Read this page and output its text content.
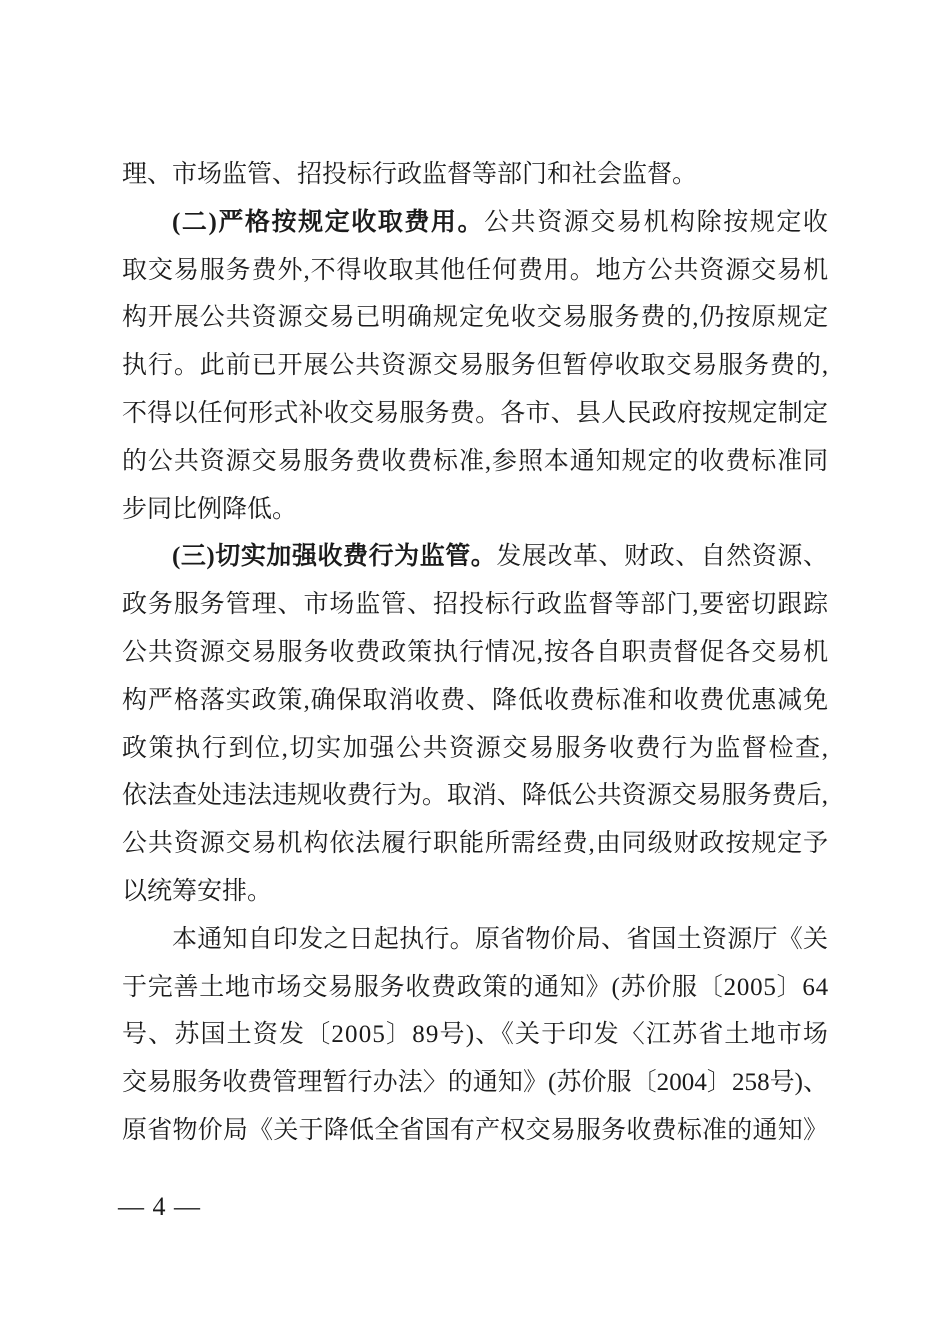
理、市场监管、招投标行政监督等部门和社会监督。
(二)严格按规定收取费用。公共资源交易机构除按规定收
取交易服务费外,不得收取其他任何费用。地方公共资源交易机
构开展公共资源交易已明确规定免收交易服务费的,仍按原规定
执行。此前已开展公共资源交易服务但暂停收取交易服务费的,
不得以任何形式补收交易服务费。各市、县人民政府按规定制定
的公共资源交易服务费收费标准,参照本通知规定的收费标准同
步同比例降低。
(三)切实加强收费行为监管。发展改革、财政、自然资源、
政务服务管理、市场监管、招投标行政监督等部门,要密切跟踪
公共资源交易服务收费政策执行情况,按各自职责督促各交易机
构严格落实政策,确保取消收费、降低收费标准和收费优惠减免
政策执行到位,切实加强公共资源交易服务收费行为监督检查,
依法查处违法违规收费行为。取消、降低公共资源交易服务费后,
公共资源交易机构依法履行职能所需经费,由同级财政按规定予
以统筹安排。
本通知自印发之日起执行。原省物价局、省国土资源厅《关
于完善土地市场交易服务收费政策的通知》(苏价服〔2005〕64
号、苏国土资发〔2005〕89号)、《关于印发〈江苏省土地市场
交易服务收费管理暂行办法〉的通知》(苏价服〔2004〕258号)、
原省物价局《关于降低全省国有产权交易服务收费标准的通知》
— 4 —
